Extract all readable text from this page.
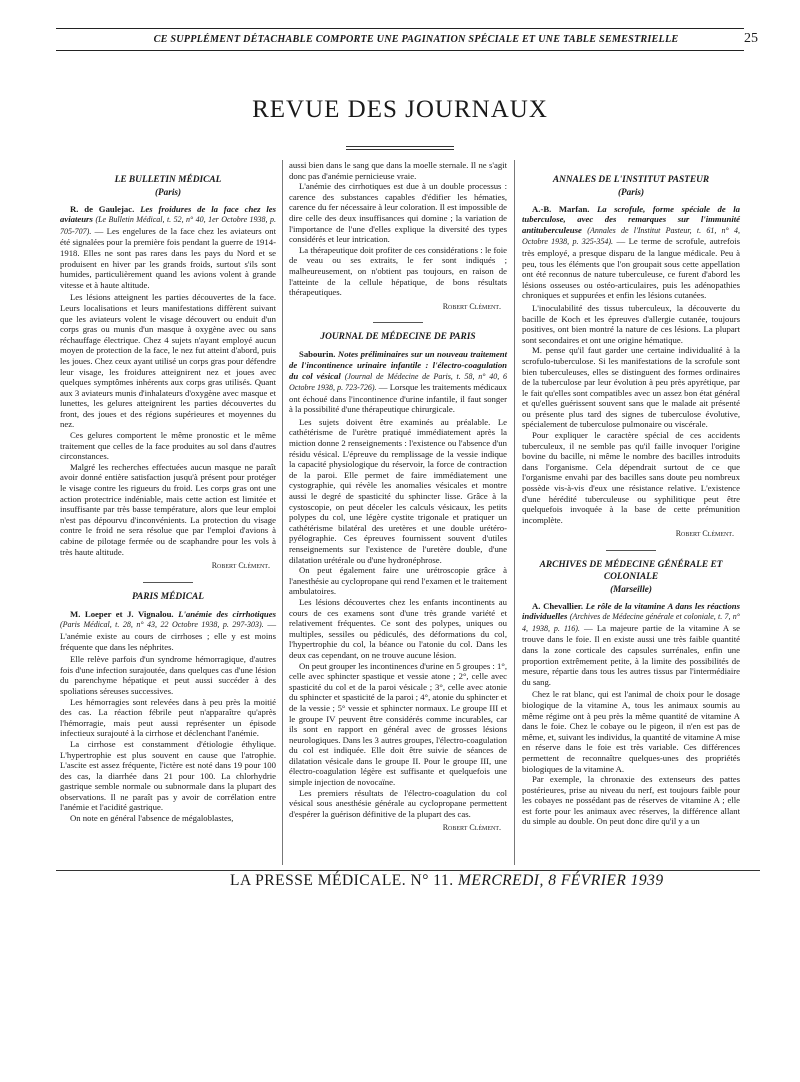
CE SUPPLÉMENT DÉTACHABLE COMPORTE UNE PAGINATION SPÉCIALE ET UNE TABLE SEMESTRIELLE	25
REVUE DES JOURNAUX
LE BULLETIN MÉDICAL
(Paris)

R. de Gaulejac. Les froidures de la face chez les aviateurs (Le Bulletin Médical, t. 52, n° 40, 1er Octobre 1938, p. 705-707). — Les engelures de la face chez les aviateurs ont été signalées pour la première fois pendant la guerre de 1914-1918. Elles ne sont pas rares dans les pays du Nord et se produisent en hiver par les grands froids, surtout s'ils sont humides, particulièrement quand les avions volent à grande vitesse et à haute altitude.

Les lésions atteignent les parties découvertes de la face. Leurs localisations et leurs manifestations diffèrent suivant que les aviateurs volent le visage découvert ou enduit d'un corps gras ou munis d'un masque à oxygène avec ou sans réchauffage électrique. Chez 4 sujets n'ayant employé aucun moyen de protection de la face, le nez fut atteint d'abord, puis les joues. Chez ceux ayant utilisé un corps gras pour défendre leur visage, les froidures atteignirent nez et joues avec quelques symptômes inhérents aux corps gras utilisés. Quant aux 3 aviateurs munis d'inhalateurs d'oxygène avec masque et lunettes, les gelures atteignirent les parties découvertes du front, des joues et des régions supérieures et moyennes du nez.

Ces gelures comportent le même pronostic et le même traitement que celles de la face produites au sol dans d'autres circonstances.

Malgré les recherches effectuées aucun masque ne paraît avoir donné entière satisfaction jusqu'à présent pour protéger le visage contre les rigueurs du froid. Les corps gras ont une action protectrice indéniable, mais cette action est limitée et insuffisante par très basse température, alors que leur emploi n'est pas dépourvu d'inconvénients. La protection du visage contre le froid ne sera résolue que par l'emploi d'avions à cabine de pilotage fermée ou de scaphandre pour les vols à très haute altitude.

Robert Clément.
PARIS MÉDICAL

M. Loeper et J. Vignalou. L'anémie des cirrhotiques (Paris Médical, t. 28, n° 43, 22 Octobre 1938, p. 297-303). — L'anémie existe au cours de cirrhoses ; elle y est moins fréquente que dans les néphrites.

Elle relève parfois d'un syndrome hémorragique, d'autres fois d'une infection surajoutée, dans quelques cas d'une lésion du parenchyme hépatique et peut aussi succéder à des spoliations séreuses successives.

Les hémorragies sont relevées dans à peu près la moitié des cas. La réaction fébrile peut n'apparaître qu'après l'hémorragie, mais peut aussi représenter un épisode infectieux surajouté à la cirrhose et déclenchant l'anémie.

La cirrhose est constamment d'étiologie éthylique. L'hypertrophie est plus souvent en cause que l'atrophie. L'ascite est assez fréquente, l'ictère est noté dans 19 pour 100 des cas, la diarrhée dans 21 pour 100. La chlorhydrie gastrique semble normale ou subnormale dans la plupart des observations. Il ne paraît pas y avoir de corrélation entre l'anémie et l'acidité gastrique.

On note en général l'absence de mégaloblastes,

aussi bien dans le sang que dans la moelle sternale. Il ne s'agit donc pas d'anémie pernicieuse vraie.

L'anémie des cirrhotiques est due à un double processus : carence des substances capables d'édifier les hématies, carence du fer nécessaire à leur coloration. Il est impossible de dire celle des deux insuffisances qui domine ; la variation de l'importance de l'une d'elles explique la diversité des types considérés et leur intrication.

La thérapeutique doit profiter de ces considérations : le foie de veau ou ses extraits, le fer sont indiqués ; malheureusement, on n'obtient pas toujours, en raison de l'atteinte de la cellule hépatique, de bons résultats thérapeutiques.

Robert Clément.
JOURNAL DE MÉDECINE DE PARIS

Sabourin. Notes préliminaires sur un nouveau traitement de l'incontinence urinaire infantile : l'électro-coagulation du col vésical (Journal de Médecine de Paris, t. 58, n° 40, 6 Octobre 1938, p. 723-726). — Lorsque les traitements médicaux ont échoué dans l'incontinence d'urine infantile, il faut songer à la possibilité d'une thérapeutique chirurgicale.

Les sujets doivent être examinés au préalable. Le cathétérisme de l'urètre pratiqué immédiatement après la miction donne 2 renseignements : l'existence ou l'absence d'un résidu vésical. L'épreuve du remplissage de la vessie indique la capacité physiologique du réservoir, la force de contraction de la paroi. Elle permet de faire immédiatement une cystographie, qui révèle les anomalies vésicales et montre aussi le degré de spasticité du sphincter lisse. Grâce à la cystoscopie, on peut déceler les calculs vésicaux, les petits polypes du col, une légère cystite trigonale et pratiquer un cathétérisme bilatéral des uretères et une double urétéro-pyélographie. Ces épreuves fournissent souvent d'utiles renseignements sur l'existence de l'uretère double, d'une dilatation urétérale ou d'une hydronéphrose.

On peut également faire une urétroscopie grâce à l'anesthésie au cyclopropane qui rend l'examen et le traitement ambulatoires.

Les lésions découvertes chez les enfants incontinents au cours de ces examens sont d'une très grande variété et relativement fréquentes. Ce sont des polypes, uniques ou multiples, sessiles ou pédiculés, des déformations du col, l'hypertrophie du col, la béance ou l'atonie du col. Dans les deux cas cependant, on ne trouve aucune lésion.

On peut grouper les incontinences d'urine en 5 groupes : 1°, celle avec sphincter spastique et vessie atone ; 2°, celle avec spasticité du col et de la paroi vésicale ; 3°, celle avec atonie du sphincter et spasticité de la paroi ; 4°, atonie du sphincter et de la vessie ; 5° vessie et sphincter normaux. Le groupe III et le groupe IV peuvent être considérés comme incurables, car ils sont en rapport en général avec de grosses lésions neurologiques. Dans les 3 autres groupes, l'électro-coagulation du col est indiquée. Elle doit être suivie de séances de dilatation vésicale dans le groupe II. Pour le groupe III, une électro-coagulation légère est suffisante et quelquefois une simple injection de novocaïne.

Les premiers résultats de l'électro-coagulation du col vésical sous anesthésie générale au cyclopropane permettent d'espérer la guérison définitive de la plupart des cas.

Robert Clément.
ANNALES DE L'INSTITUT PASTEUR
(Paris)

A.-B. Marfan. La scrofule, forme spéciale de la tuberculose, avec des remarques sur l'immunité antituberculeuse (Annales de l'Institut Pasteur, t. 61, n° 4, Octobre 1938, p. 325-354). — Le terme de scrofule, autrefois très employé, a presque disparu de la langue médicale. Peu à peu, tous les éléments que l'on groupait sous cette appellation ont été reconnus de nature tuberculeuse, ce furent d'abord les lésions osseuses ou ostéo-articulaires, puis les adénopathies chroniques et suppurées et enfin les lésions cutanées.

L'inoculabilité des tissus tuberculeux, la découverte du bacille de Koch et les épreuves d'allergie cutanée, toujours positives, ont bien montré la nature de ces lésions. La plupart sont secondaires et ont une origine hématique.

M. pense qu'il faut garder une certaine individualité à la scrofulo-tuberculose. Si les manifestations de la scrofule sont bien tuberculeuses, elles se distinguent des formes ordinaires de la tuberculose par leur évolution à peu près apyrétique, par le fait qu'elles sont compatibles avec un assez bon état général et qu'elles guérissent souvent sans que le malade ait présenté ou présente plus tard des signes de tuberculose évolutive, spécialement de tuberculose pulmonaire ou viscérale.

Pour expliquer le caractère spécial de ces accidents tuberculeux, il ne semble pas qu'il faille invoquer l'origine bovine du bacille, ni même le nombre des bacilles introduits dans l'organisme. Cela dépendrait surtout de ce que l'organisme envahi par des bacilles sans doute peu nombreux possède vis-à-vis d'eux une résistance relative. L'existence d'une hérédité tuberculeuse ou syphilitique peut être quelquefois invoquée à la base de cette prémunition incomplète.

Robert Clément.
ARCHIVES DE MÉDECINE GÉNÉRALE ET COLONIALE
(Marseille)

A. Chevallier. Le rôle de la vitamine A dans les réactions individuelles (Archives de Médecine générale et coloniale, t. 7, n° 4, 1938, p. 116). — La majeure partie de la vitamine A se trouve dans le foie. Il en existe aussi une très faible quantité dans la zone corticale des capsules surrénales, enfin une proportion extrêmement petite, à la limite des possibilités de mesure, répartie dans tous les autres tissus par l'intermédiaire du sang.

Chez le rat blanc, qui est l'animal de choix pour le dosage biologique de la vitamine A, tous les animaux soumis au même régime ont à peu près la même quantité de vitamine A dans le foie. Chez le cobaye ou le pigeon, il n'en est pas de même, et, suivant les individus, la quantité de vitamine A mise en réserve dans le foie est très variable. Ces différences permettent de reconnaître quelques-unes des propriétés biologiques de la vitamine A.

Par exemple, la chronaxie des extenseurs des pattes postérieures, prise au niveau du nerf, est toujours faible pour les cobayes ne possédant pas de réserves de vitamine A ; elle est forte pour les animaux avec réserves, la différence allant du simple au double. On peut donc dire qu'il y a un

LA PRESSE MÉDICALE. N° 11. MERCREDI, 8 FÉVRIER 1939
